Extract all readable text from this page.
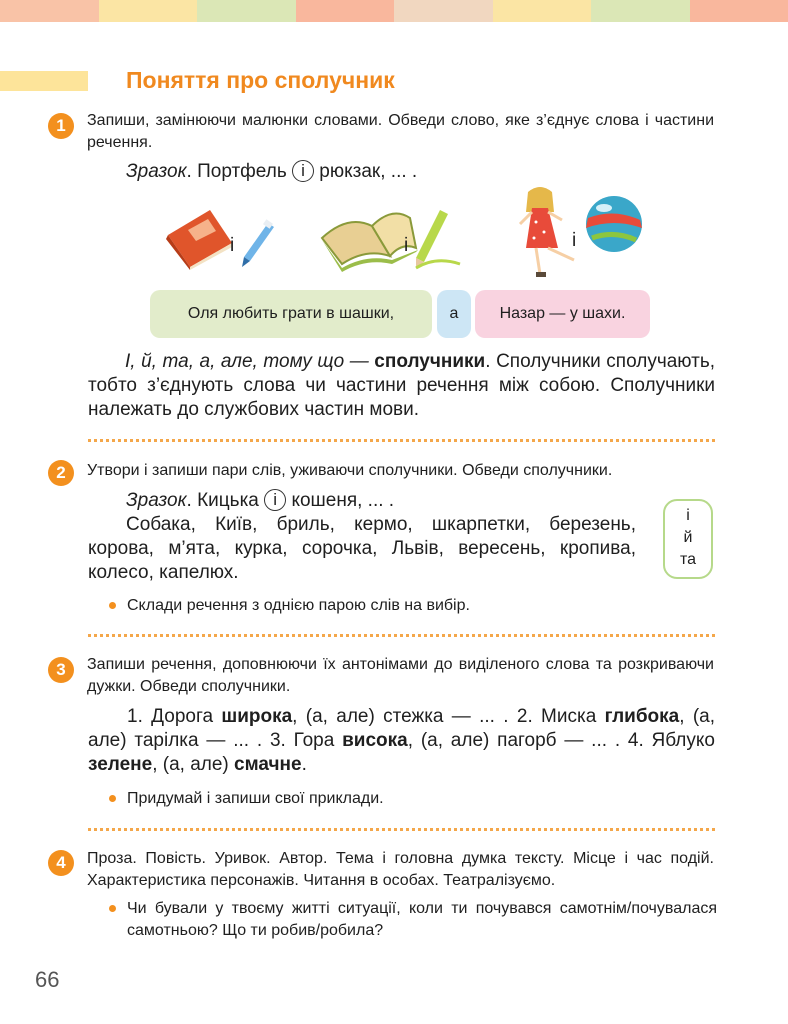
Поняття про сполучник
1	Запиши, замінюючи малюнки словами. Обведи слово, яке з’єднує слова і частини речення.

Зразок. Портфель і рюкзак, ... .

і	і	і
Оля любить грати в шашки,	а	Назар — у шахи.

І, й, та, а, але, тому що — сполучники. Сполучники сполучають, тобто з’єднують слова чи частини речення між собою. Сполучники належать до службових частин мови.

2	Утвори і запиши пари слів, уживаючи сполучники. Обведи сполучники.

Зразок. Кицька і кошеня, ... .

Собака, Київ, бриль, кермо, шкарпетки, березень, корова, м’ята, курка, сорочка, Львів, вересень, кропива, колесо, капелюх.

і
й
та
Склади речення з однією парою слів на вибір.
3	Запиши речення, доповнюючи їх антонімами до виділеного слова та розкриваючи дужки. Обведи сполучники.

1. Дорога широка, (а, але) стежка — ... . 2. Миска глибока, (а, але) тарілка — ... . 3. Гора висока, (а, але) пагорб — ... . 4. Яблуко зелене, (а, але) смачне.

Придумай і запиши свої приклади.
4	Проза. Повість. Уривок. Автор. Тема і головна думка тексту. Місце і час подій. Характеристика персонажів. Читання в особах. Театралізуємо.

Чи бували у твоєму житті ситуації, коли ти почувався самотнім/почувалася самотньою? Що ти робив/робила?
66
